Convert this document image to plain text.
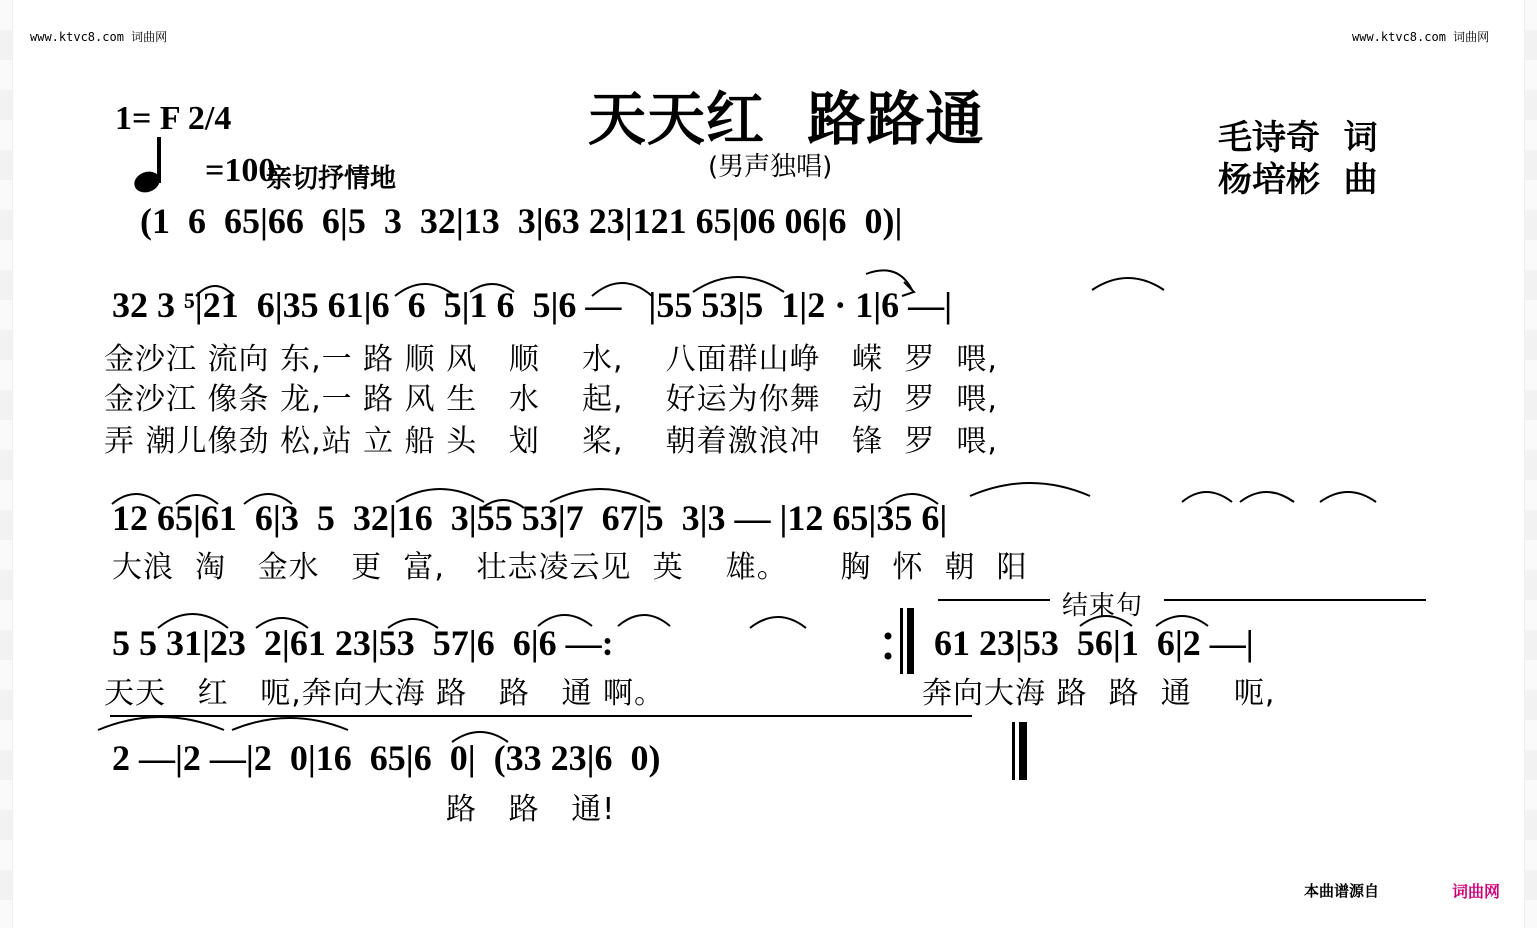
www.ktvc8.com 词曲网	www.ktvc8.com 词曲网
天天红  路路通
(男声独唱)
1= F 2/4
=100
亲切抒情地
毛诗奇  词
杨培彬  曲
(1  6  65|66  6|5  3  32|13  3|63 23|121 65|06 06|6  0)|
32 3 ⁵|21  6|35 61|6  6  5|1 6  5|6 —   |55 53|5  1|2 · 1|6 —|
金沙江 流向 东,一 路 顺 风   顺    水,    八面群山峥   嵘  罗  喂,
金沙江 像条 龙,一 路 风 生   水    起,    好运为你舞   动  罗  喂,
弄 潮儿像劲 松,站 立 船 头   划    桨,    朝着激浪冲   锋  罗  喂,
12 65|61  6|3  5  32|16  3|55 53|7  67|5  3|3 — |12 65|35 6|
大浪  淘   金水   更  富,   壮志凌云见  英    雄。     胸  怀  朝  阳
5 5 31|23  2|61 23|53  57|6  6|6 —:
天天   红   呃,奔向大海 路   路   通 啊。
结束句
61 23|53  56|1  6|2 —|
奔向大海 路  路  通    呃,
2 —|2 —|2  0|16  65|6  0|  (33 23|6  0)
路   路   通!
本曲谱源自	词曲网
